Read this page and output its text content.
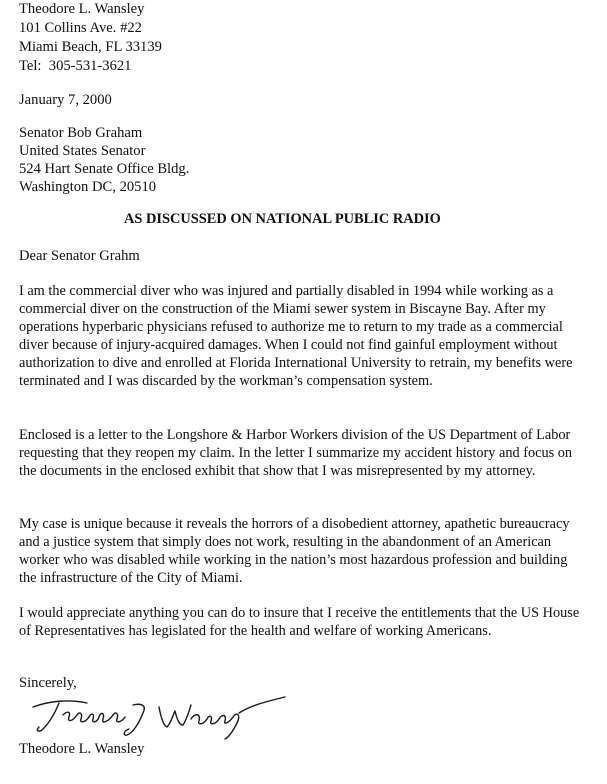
Theodore L. Wansley
101 Collins Ave. #22
Miami Beach, FL 33139
Tel:  305-531-3621
January 7, 2000
Senator Bob Graham
United States Senator
524 Hart Senate Office Bldg.
Washington DC, 20510
AS DISCUSSED ON NATIONAL PUBLIC RADIO
Dear Senator Grahm
I am the commercial diver who was injured and partially disabled in 1994 while working as a commercial diver on the construction of the Miami sewer system in Biscayne Bay. After my operations hyperbaric physicians refused to authorize me to return to my trade as a commercial diver because of injury-acquired damages. When I could not find gainful employment without authorization to dive and enrolled at Florida International University to retrain, my benefits were terminated and I was discarded by the workman’s compensation system.
Enclosed is a letter to the Longshore & Harbor Workers division of the US Department of Labor requesting that they reopen my claim. In the letter I summarize my accident history and focus on the documents in the enclosed exhibit that show that I was misrepresented by my attorney.
My case is unique because it reveals the horrors of a disobedient attorney, apathetic bureaucracy and a justice system that simply does not work, resulting in the abandonment of an American worker who was disabled while working in the nation’s most hazardous profession and building the infrastructure of the City of Miami.
I would appreciate anything you can do to insure that I receive the entitlements that the US House of Representatives has legislated for the health and welfare of working Americans.
Sincerely,
Theodore L. Wansley
